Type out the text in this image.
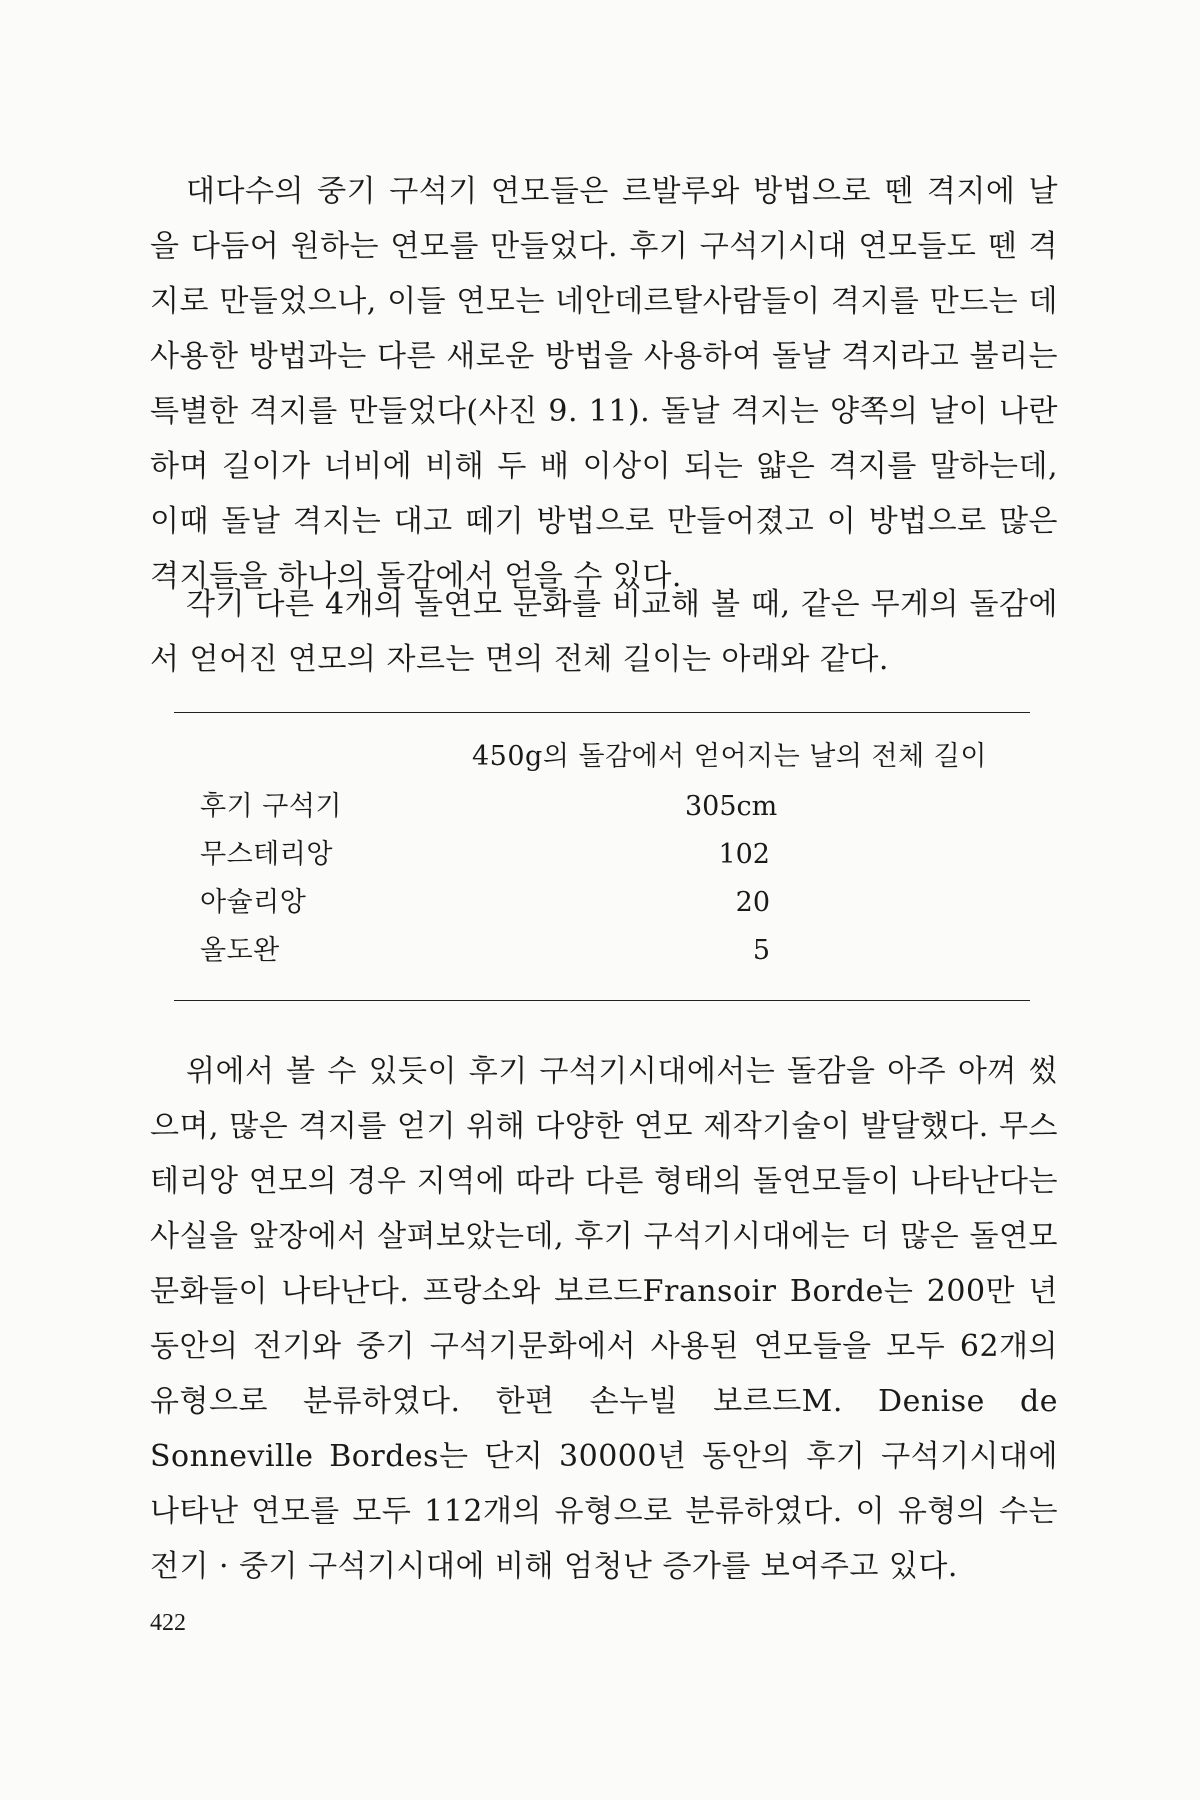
대다수의 중기 구석기 연모들은 르발루와 방법으로 뗀 격지에 날을 다듬어 원하는 연모를 만들었다. 후기 구석기시대 연모들도 뗀 격지로 만들었으나, 이들 연모는 네안데르탈사람들이 격지를 만드는 데 사용한 방법과는 다른 새로운 방법을 사용하여 돌날 격지라고 불리는 특별한 격지를 만들었다(사진 9. 11). 돌날 격지는 양쪽의 날이 나란하며 길이가 너비에 비해 두 배 이상이 되는 얇은 격지를 말하는데, 이때 돌날 격지는 대고 떼기 방법으로 만들어졌고 이 방법으로 많은 격지들을 하나의 돌감에서 얻을 수 있다.

각기 다른 4개의 돌연모 문화를 비교해 볼 때, 같은 무게의 돌감에서 얻어진 연모의 자르는 면의 전체 길이는 아래와 같다.

450g의 돌감에서 얻어지는 날의 전체 길이
후기 구석기	305cm
무스테리앙	102
아슐리앙	20
올도완	5

위에서 볼 수 있듯이 후기 구석기시대에서는 돌감을 아주 아껴 썼으며, 많은 격지를 얻기 위해 다양한 연모 제작기술이 발달했다. 무스테리앙 연모의 경우 지역에 따라 다른 형태의 돌연모들이 나타난다는 사실을 앞장에서 살펴보았는데, 후기 구석기시대에는 더 많은 돌연모 문화들이 나타난다. 프랑소와 보르드Fransoir Borde는 200만 년 동안의 전기와 중기 구석기문화에서 사용된 연모들을 모두 62개의 유형으로 분류하였다. 한편 손누빌 보르드M. Denise de Sonneville Bordes는 단지 30000년 동안의 후기 구석기시대에 나타난 연모를 모두 112개의 유형으로 분류하였다. 이 유형의 수는 전기 · 중기 구석기시대에 비해 엄청난 증가를 보여주고 있다.

422
